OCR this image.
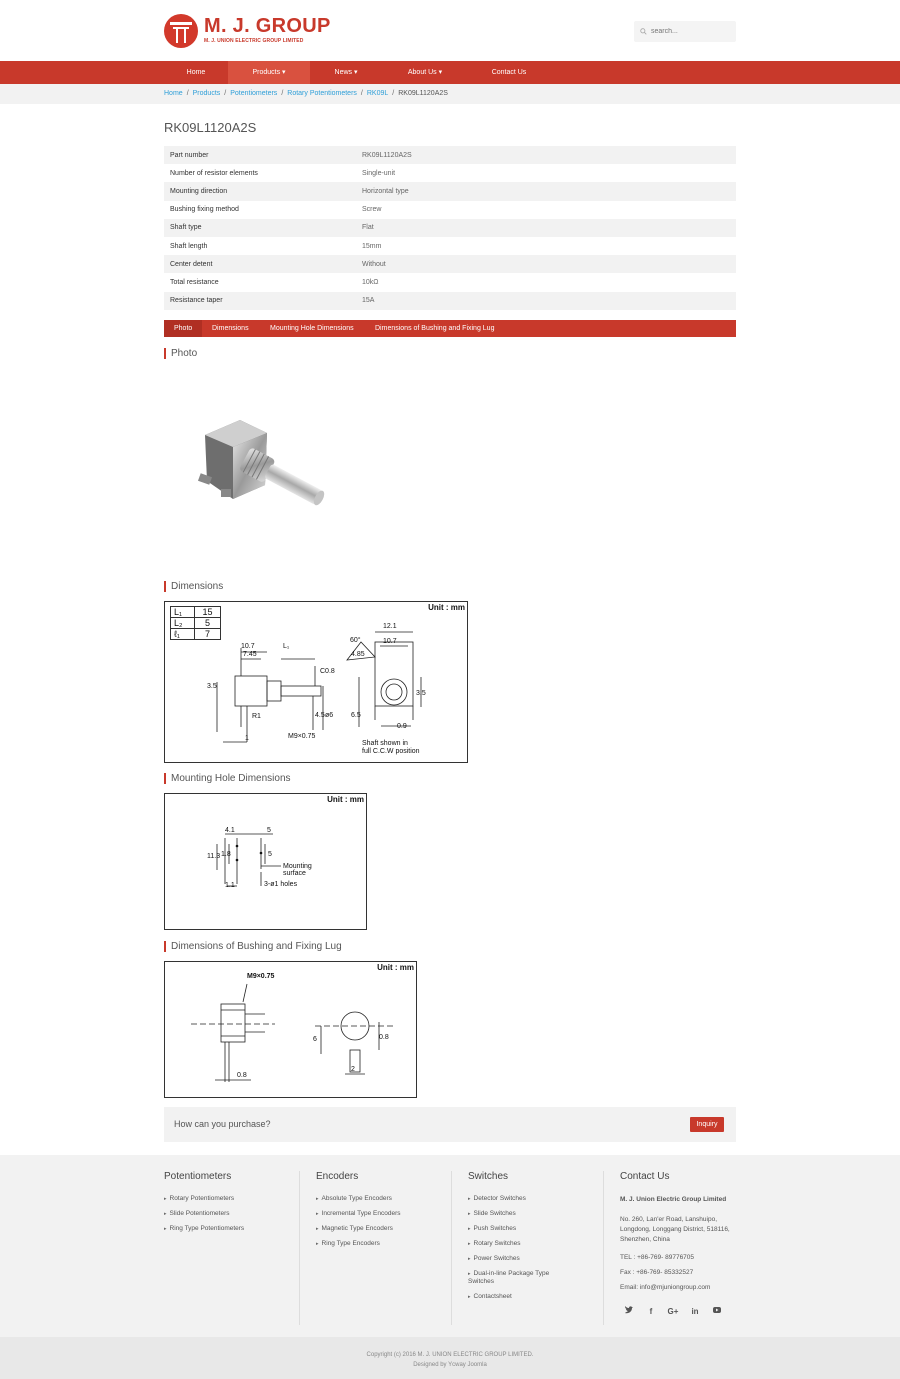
M. J. GROUP
M. J. UNION ELECTRIC GROUP LIMITED
search...
Home	Products ▾	News ▾	About Us ▾	Contact Us
Home / Products / Potentiometers / Rotary Potentiometers / RK09L / RK09L1120A2S
RK09L1120A2S
Part number	RK09L1120A2S
Number of resistor elements	Single-unit
Mounting direction	Horizontal type
Bushing fixing method	Screw
Shaft type	Flat
Shaft length	15mm
Center detent	Without
Total resistance	10kΩ
Resistance taper	15A
Photo	Dimensions	Mounting Hole Dimensions	Dimensions of Bushing and Fixing Lug
Photo
Dimensions
Unit : mm
L₁	15
L₂	5
ℓ₁	7
10.7
7.45
L₁
C0.8
3.5
R1
M9×0.75
1
4.5 ø6
60°
12.1
10.7
4.85
6.5
0.9
3.5
Shaft shown in
full C.C.W position
Mounting Hole Dimensions
Unit : mm
4.1	5
11.3 1.8	5
Mounting
surface
1.1	3-ø1 holes
Dimensions of Bushing and Fixing Lug
Unit : mm
M9×0.75
0.8
6	0.8
2
How can you purchase?	Inquiry
Potentiometers
▸ Rotary Potentiometers
▸ Slide Potentiometers
▸ Ring Type Potentiometers
Encoders
▸ Absolute Type Encoders
▸ Incremental Type Encoders
▸ Magnetic Type Encoders
▸ Ring Type Encoders
Switches
▸ Detector Switches
▸ Slide Switches
▸ Push Switches
▸ Rotary Switches
▸ Power Switches
▸ Dual-in-line Package Type Switches
▸ Contactsheet
Contact Us

M. J. Union Electric Group Limited

No. 260, Lan'er Road, Lanshuipo, Longdong, Longgang District, 518116, Shenzhen, China

TEL : +86-769- 89776705

Fax : +86-769- 85332527

Email: info@mjuniongroup.com

f	G+	in

Copyright (c) 2016 M. J. UNION ELECTRIC GROUP LIMITED.

Designed by Ycway Joomla
